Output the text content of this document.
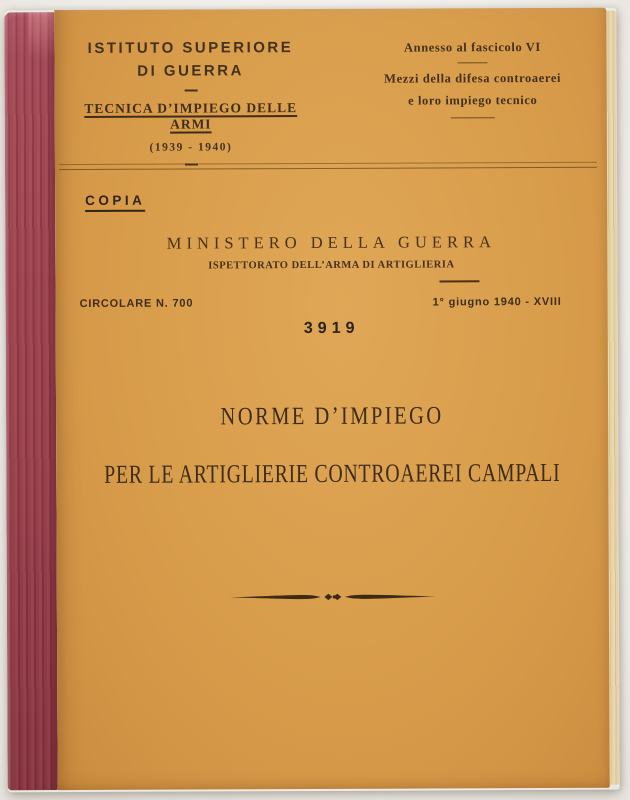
ISTITUTO SUPERIORE
DI GUERRA
TECNICA D’IMPIEGO DELLE ARMI
(1939 - 1940)
Annesso al fascicolo VI
Mezzi della difesa controaerei
e loro impiego tecnico
COPIA
MINISTERO DELLA GUERRA
ISPETTORATO DELL’ARMA DI ARTIGLIERIA
CIRCOLARE N. 700	1° giugno 1940 - XVIII
3919
NORME D’IMPIEGO
PER LE ARTIGLIERIE CONTROAEREI CAMPALI
